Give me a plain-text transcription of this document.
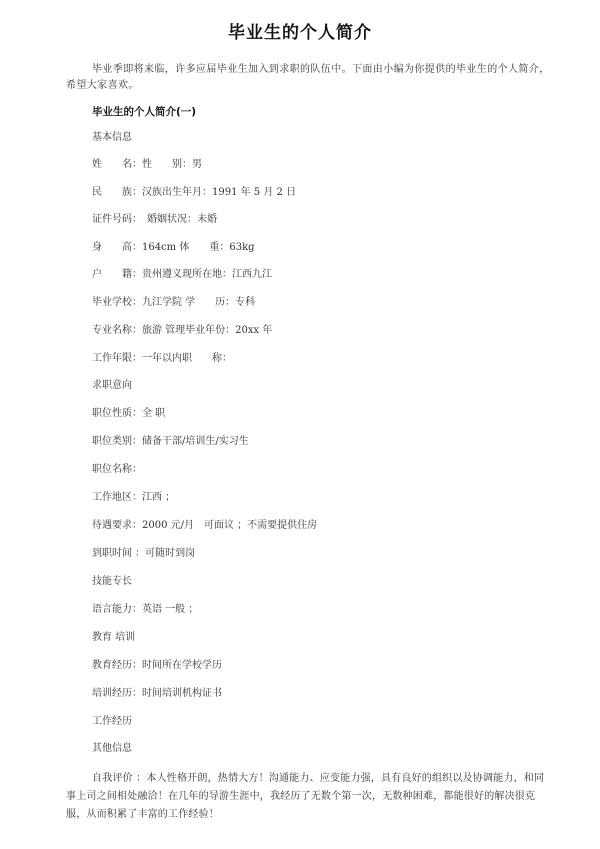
毕业生的个人简介
毕业季即将来临，许多应届毕业生加入到求职的队伍中。下面由小编为你提供的毕业生的个人简介，希望大家喜欢。
毕业生的个人简介(一)
基本信息
姓　　名：性　　别：男
民　　族：汉族出生年月：1991 年 5 月 2 日
证件号码：　婚姻状况：未婚
身　　高：164cm 体　　重：63kg
户　　籍：贵州遵义现所在地：江西九江
毕业学校：九江学院 学　　历：专科
专业名称：旅游 管理毕业年份：20xx 年
工作年限：一年以内职　　称：
求职意向
职位性质：全 职
职位类别：储备干部/培训生/实习生
职位名称：
工作地区：江西 ；
待遇要求：2000 元/月　可面议 ；不需要提供住房
到职时间 ：可随时到岗
技能专长
语言能力：英语 一般 ；
教育 培训
教育经历：时间所在学校学历
培训经历：时间培训机构证书
工作经历
其他信息
自我评价 ：本人性格开朗，热情大方！沟通能力、应变能力强，具有良好的组织以及协调能力，和同事上司之间相处融洽！在几年的导游生涯中，我经历了无数个第一次，无数种困难，都能很好的解决很克服，从而积累了丰富的工作经验！
